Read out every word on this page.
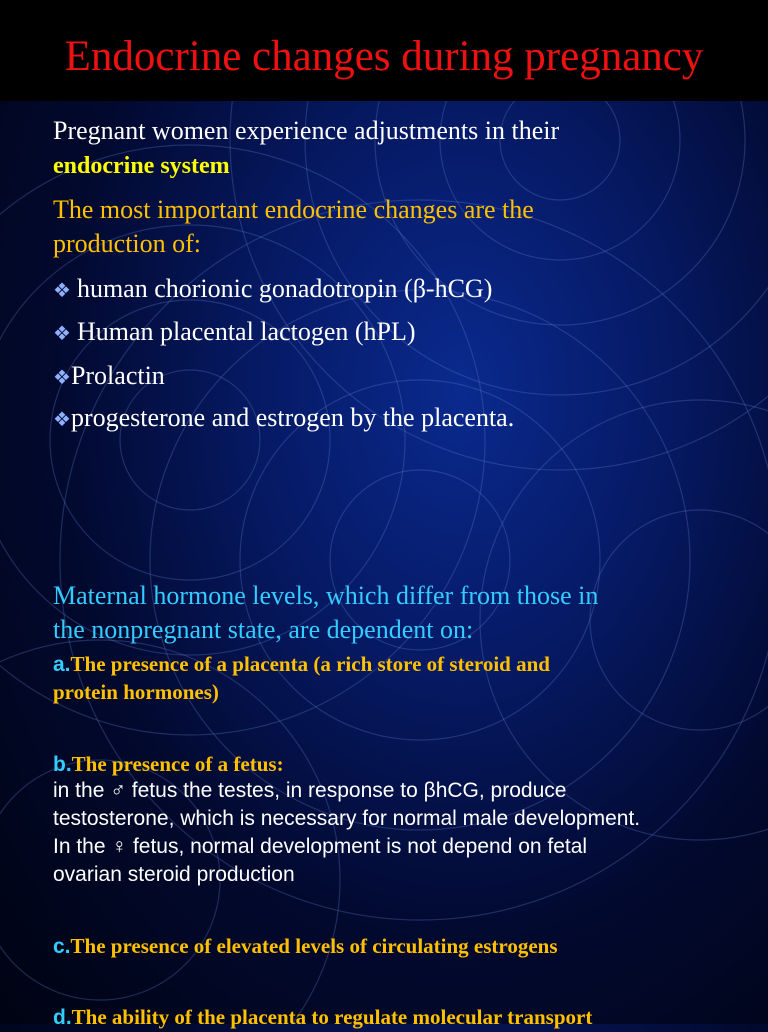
Endocrine changes during pregnancy
Pregnant women experience adjustments in their
endocrine system
The most important endocrine changes are the
production of:
❖ human chorionic gonadotropin (β-hCG)
❖ Human placental lactogen (hPL)
❖Prolactin
❖progesterone and estrogen by the placenta.
Maternal hormone levels, which differ from those in
the nonpregnant state, are dependent on:
a.The presence of a placenta (a rich store of steroid and
protein hormones)
b.The presence of a fetus:
in the ♂ fetus the testes, in response to βhCG, produce
testosterone, which is necessary for normal male development.
In the ♀ fetus, normal development is not depend on fetal
ovarian steroid production
c.The presence of elevated levels of circulating estrogens
d.The ability of the placenta to regulate molecular transport
